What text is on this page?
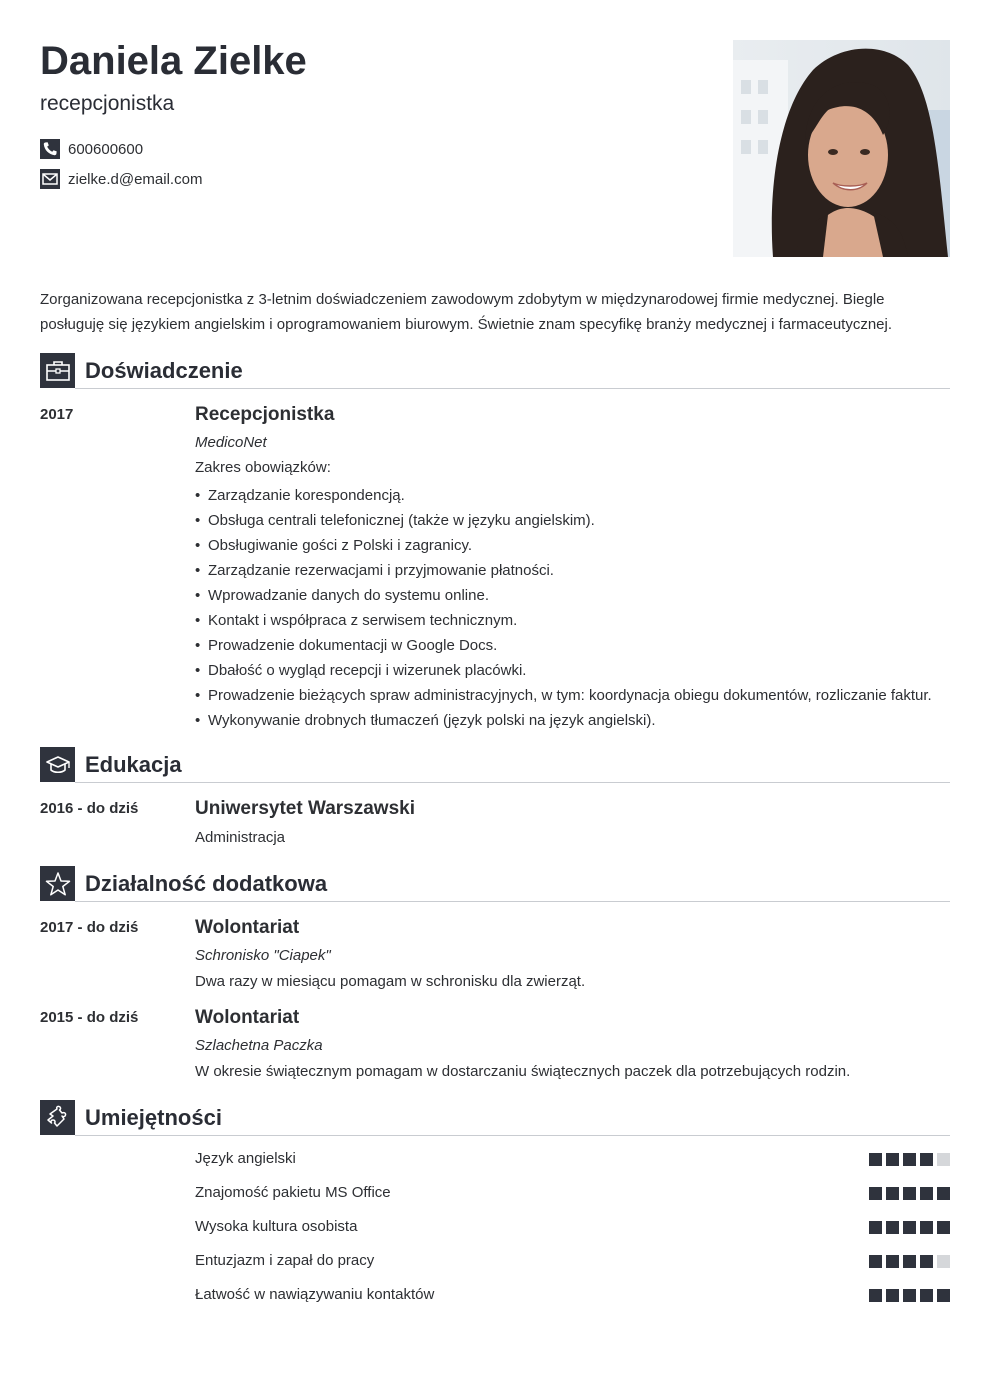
Daniela Zielke
recepcjonistka
600600600
zielke.d@email.com
Zorganizowana recepcjonistka z 3-letnim doświadczeniem zawodowym zdobytym w międzynarodowej firmie medycznej. Biegle posługuję się językiem angielskim i oprogramowaniem biurowym. Świetnie znam specyfikę branży medycznej i farmaceutycznej.
Doświadczenie
2017	Recepcjonistka
MedicoNet
Zakres obowiązków:
• Zarządzanie korespondencją.
• Obsługa centrali telefonicznej (także w języku angielskim).
• Obsługiwanie gości z Polski i zagranicy.
• Zarządzanie rezerwacjami i przyjmowanie płatności.
• Wprowadzanie danych do systemu online.
• Kontakt i współpraca z serwisem technicznym.
• Prowadzenie dokumentacji w Google Docs.
• Dbałość o wygląd recepcji i wizerunek placówki.
• Prowadzenie bieżących spraw administracyjnych, w tym: koordynacja obiegu dokumentów, rozliczanie faktur.
• Wykonywanie drobnych tłumaczeń (język polski na język angielski).
Edukacja
2016 - do dziś	Uniwersytet Warszawski
Administracja
Działalność dodatkowa
2017 - do dziś	Wolontariat
Schronisko "Ciapek"
Dwa razy w miesiącu pomagam w schronisku dla zwierząt.
2015 - do dziś	Wolontariat
Szlachetna Paczka
W okresie świątecznym pomagam w dostarczaniu świątecznych paczek dla potrzebujących rodzin.
Umiejętności
Język angielski
Znajomość pakietu MS Office
Wysoka kultura osobista
Entuzjazm i zapał do pracy
Łatwość w nawiązywaniu kontaktów
